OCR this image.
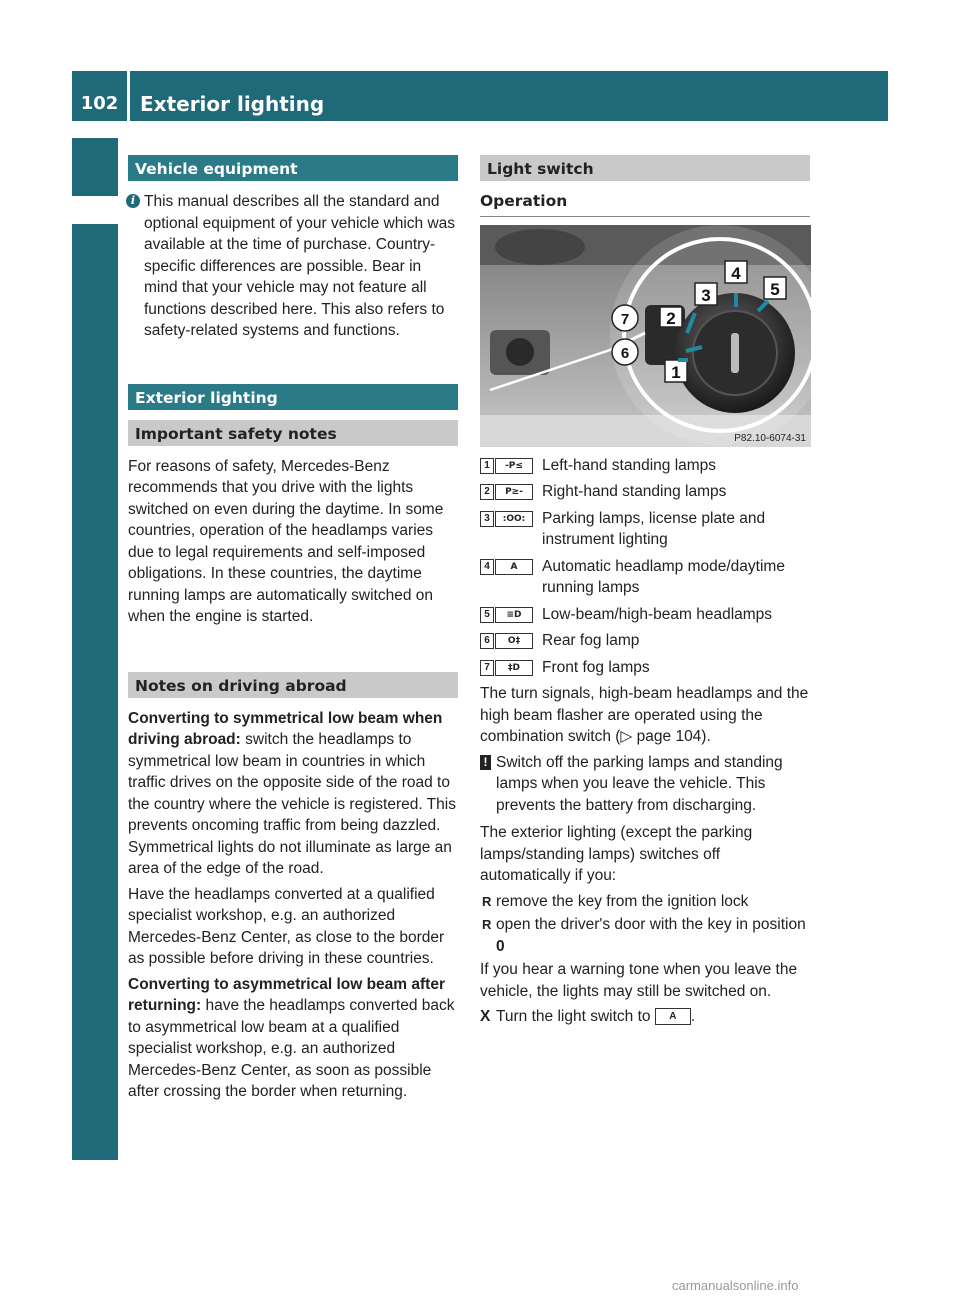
102	Exterior lighting
Lights and windshield wipers
Vehicle equipment
i This manual describes all the standard and optional equipment of your vehicle which was available at the time of purchase. Country-specific differences are possible. Bear in mind that your vehicle may not feature all functions described here. This also refers to safety-related systems and functions.
Exterior lighting
Important safety notes

For reasons of safety, Mercedes-Benz recommends that you drive with the lights switched on even during the daytime. In some countries, operation of the headlamps varies due to legal requirements and self-imposed obligations. In these countries, the daytime running lamps are automatically switched on when the engine is started.

Notes on driving abroad

Converting to symmetrical low beam when driving abroad: switch the headlamps to symmetrical low beam in countries in which traffic drives on the opposite side of the road to the country where the vehicle is registered. This prevents oncoming traffic from being dazzled. Symmetrical lights do not illuminate as large an area of the edge of the road.

Have the headlamps converted at a qualified specialist workshop, e.g. an authorized Mercedes-Benz Center, as close to the border as possible before driving in these countries.

Converting to asymmetrical low beam after returning: have the headlamps converted back to asymmetrical low beam at a qualified specialist workshop, e.g. an authorized Mercedes-Benz Center, as soon as possible after crossing the border when returning.

Light switch
Operation
1
2
3
4
5
6
7
P82.10-6074-31
1	-P≤	Left-hand standing lamps
2	P≥-	Right-hand standing lamps
3	:OO:	Parking lamps, license plate and instrument lighting
4	A	Automatic headlamp mode/daytime running lamps
5	≡D	Low-beam/high-beam headlamps
6	O‡	Rear fog lamp
7	‡D	Front fog lamps

The turn signals, high-beam headlamps and the high beam flasher are operated using the combination switch (▷ page 104).

! Switch off the parking lamps and standing lamps when you leave the vehicle. This prevents the battery from discharging.

The exterior lighting (except the parking lamps/standing lamps) switches off automatically if you:

R remove the key from the ignition lock
R open the driver's door with the key in position 0

If you hear a warning tone when you leave the vehicle, the lights may still be switched on.

X Turn the light switch to A .
carmanualsonline.info
